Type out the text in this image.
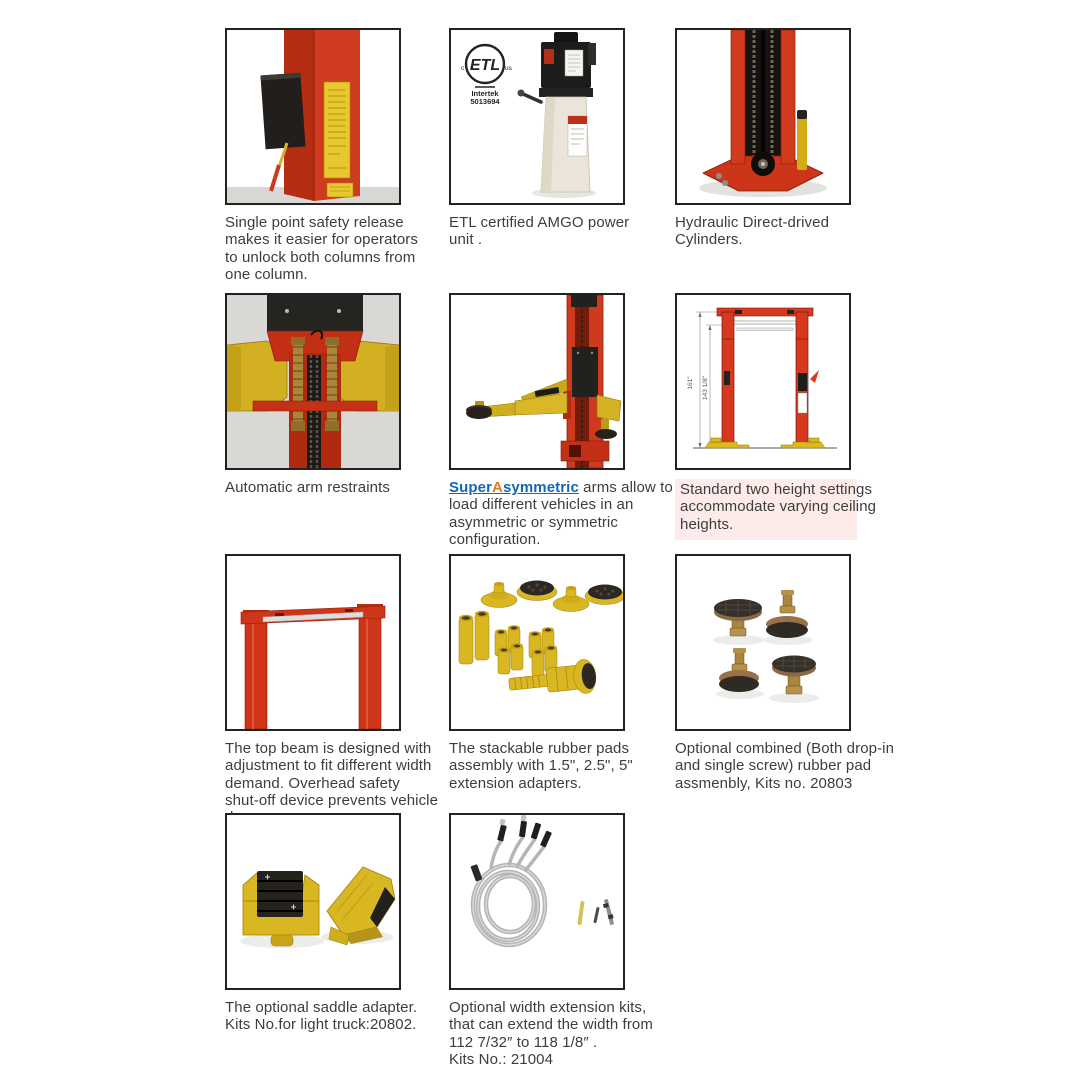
Single point safety release
makes it easier for operators
to unlock both columns from
one column.
ETL
c	us
Intertek
5013694
ETL certified AMGO power
unit .
Hydraulic Direct-drived
Cylinders.
Automatic arm restraints	SuperAsymmetric arms allow to
load different vehicles in an
asymmetric or symmetric
configuration.
161" 143 1/8"
Standard two height settings
accommodate varying ceiling
heights.
The top beam is designed with
adjustment to fit different width
demand. Overhead safety
shut-off device prevents vehicle
The stackable rubber pads
assembly with 1.5", 2.5", 5"
extension adapters.
Optional combined (Both drop-in
and single screw) rubber pad
assmenbly, Kits no. 20803
The optional saddle adapter.
Kits No.for light truck:20802.
Optional width extension kits,
that can extend the width from
112 7/32″ to 118 1/8″ .
Kits No.: 21004
